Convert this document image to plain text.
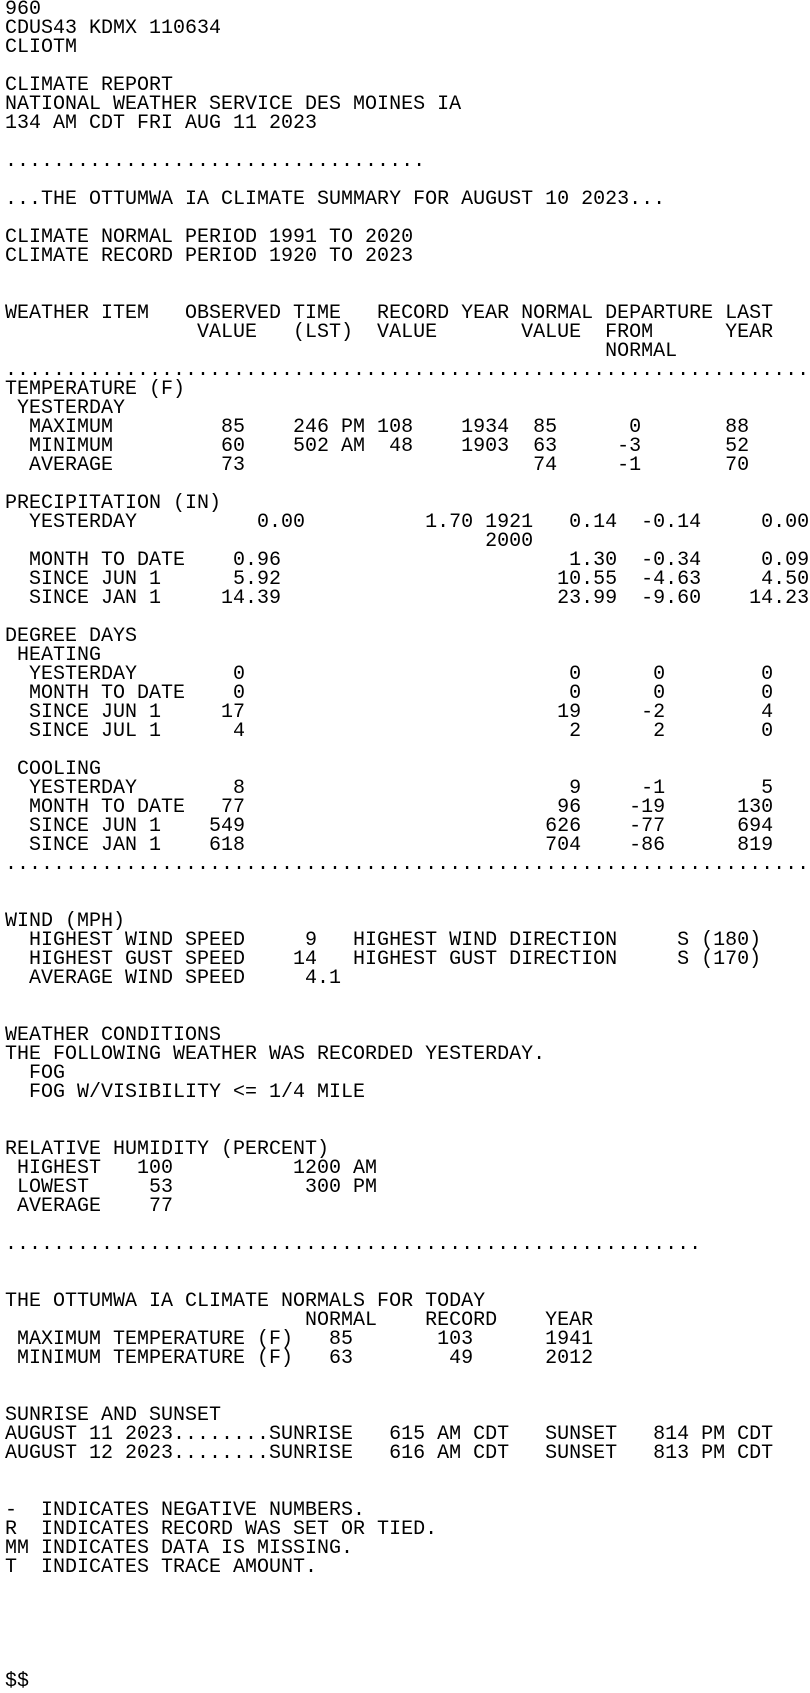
960
CDUS43 KDMX 110634
CLIOTM
CLIMATE REPORT
NATIONAL WEATHER SERVICE DES MOINES IA
134 AM CDT FRI AUG 11 2023
...................................
...THE OTTUMWA IA CLIMATE SUMMARY FOR AUGUST 10 2023...
CLIMATE NORMAL PERIOD 1991 TO 2020
CLIMATE RECORD PERIOD 1920 TO 2023
WEATHER ITEM   OBSERVED TIME   RECORD YEAR NORMAL DEPARTURE LAST
VALUE   (LST)  VALUE       VALUE  FROM      YEAR
NORMAL
...................................................................
TEMPERATURE (F)
YESTERDAY
MAXIMUM         85    246 PM 108    1934  85      0       88
MINIMUM         60    502 AM  48    1903  63     -3       52
AVERAGE         73                        74     -1       70
PRECIPITATION (IN)
YESTERDAY          0.00          1.70 1921   0.14  -0.14     0.00
2000
MONTH TO DATE    0.96                        1.30  -0.34     0.09
SINCE JUN 1      5.92                       10.55  -4.63     4.50
SINCE JAN 1     14.39                       23.99  -9.60    14.23
DEGREE DAYS
HEATING
YESTERDAY        0                           0      0        0
MONTH TO DATE    0                           0      0        0
SINCE JUN 1     17                          19     -2        4
SINCE JUL 1      4                           2      2        0
COOLING
YESTERDAY        8                           9     -1        5
MONTH TO DATE   77                          96    -19      130
SINCE JUN 1    549                         626    -77      694
SINCE JAN 1    618                         704    -86      819
...................................................................
WIND (MPH)
HIGHEST WIND SPEED     9   HIGHEST WIND DIRECTION     S (180)
HIGHEST GUST SPEED    14   HIGHEST GUST DIRECTION     S (170)
AVERAGE WIND SPEED     4.1
WEATHER CONDITIONS
THE FOLLOWING WEATHER WAS RECORDED YESTERDAY.
FOG
FOG W/VISIBILITY <= 1/4 MILE
RELATIVE HUMIDITY (PERCENT)
HIGHEST   100          1200 AM
LOWEST     53           300 PM
AVERAGE    77
..........................................................
THE OTTUMWA IA CLIMATE NORMALS FOR TODAY
NORMAL    RECORD    YEAR
MAXIMUM TEMPERATURE (F)   85       103      1941
MINIMUM TEMPERATURE (F)   63        49      2012
SUNRISE AND SUNSET
AUGUST 11 2023........SUNRISE   615 AM CDT   SUNSET   814 PM CDT
AUGUST 12 2023........SUNRISE   616 AM CDT   SUNSET   813 PM CDT
-  INDICATES NEGATIVE NUMBERS.
R  INDICATES RECORD WAS SET OR TIED.
MM INDICATES DATA IS MISSING.
T  INDICATES TRACE AMOUNT.
$$
